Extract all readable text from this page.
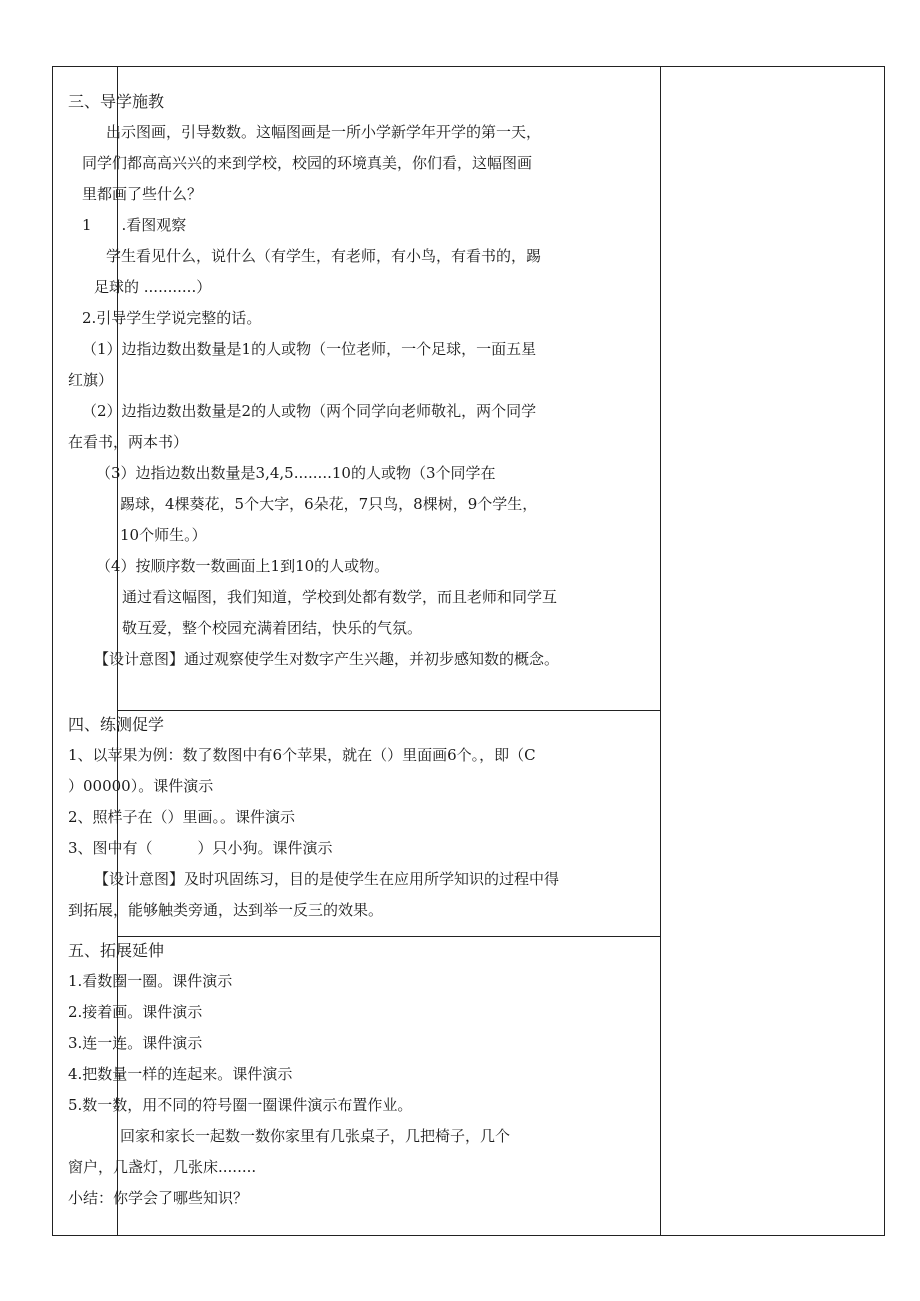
三、导学施教
出示图画，引导数数。这幅图画是一所小学新学年开学的第一天，
同学们都高高兴兴的来到学校，校园的环境真美，你们看，这幅图画
里都画了些什么？
1　　.看图观察
学生看见什么，说什么（有学生，有老师，有小鸟，有看书的，踢
足球的 ...........）
2.引导学生学说完整的话。
（1）边指边数出数量是1的人或物（一位老师，一个足球，一面五星
红旗）
（2）边指边数出数量是2的人或物（两个同学向老师敬礼，两个同学
在看书，两本书）
（3）边指边数出数量是3,4,5........10的人或物（3个同学在
踢球，4棵葵花，5个大字，6朵花，7只鸟，8棵树，9个学生，
10个师生。）
（4）按顺序数一数画面上1到10的人或物。
通过看这幅图，我们知道，学校到处都有数学，而且老师和同学互
敬互爱，整个校园充满着团结，快乐的气氛。
【设计意图】通过观察使学生对数字产生兴趣，并初步感知数的概念。
四、练测促学
1、以苹果为例：数了数图中有6个苹果，就在（）里面画6个。，即（C
）00000）。课件演示
2、照样子在（）里画。。课件演示
3、图中有（　　　）只小狗。课件演示
【设计意图】及时巩固练习，目的是使学生在应用所学知识的过程中得
到拓展，能够触类旁通，达到举一反三的效果。
五、拓展延伸
1.看数圈一圈。课件演示
2.接着画。课件演示
3.连一连。课件演示
4.把数量一样的连起来。课件演示
5.数一数，用不同的符号圈一圈课件演示布置作业。
回家和家长一起数一数你家里有几张桌子，几把椅子，几个
窗户，几盏灯，几张床........
小结：你学会了哪些知识？
